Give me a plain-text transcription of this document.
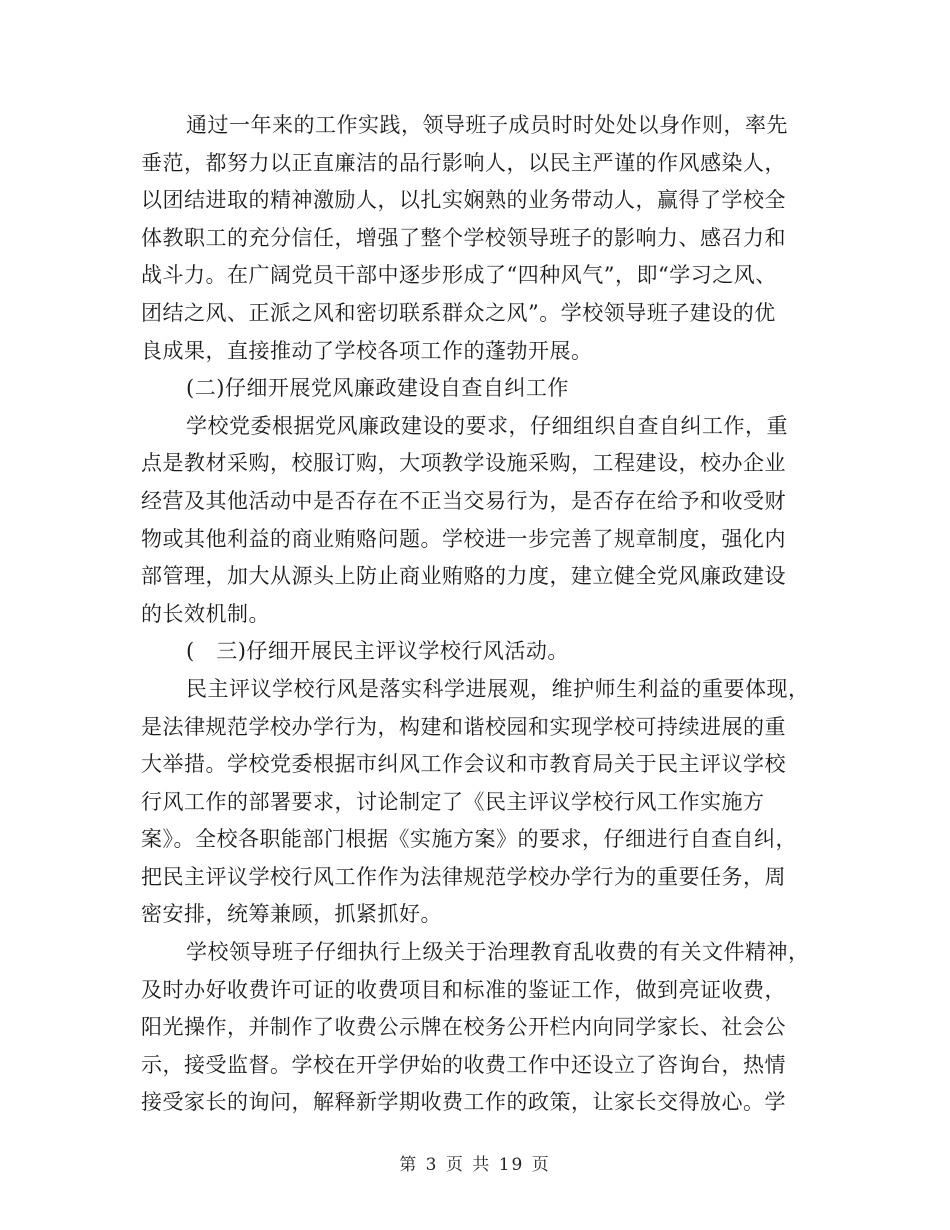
通过一年来的工作实践，领导班子成员时时处处以身作则，率先
垂范，都努力以正直廉洁的品行影响人，以民主严谨的作风感染人，
以团结进取的精神激励人，以扎实娴熟的业务带动人，赢得了学校全
体教职工的充分信任，增强了整个学校领导班子的影响力、感召力和
战斗力。在广阔党员干部中逐步形成了“四种风气”，即“学习之风、
团结之风、正派之风和密切联系群众之风”。学校领导班子建设的优
良成果，直接推动了学校各项工作的蓬勃开展。
(二)仔细开展党风廉政建设自查自纠工作
学校党委根据党风廉政建设的要求，仔细组织自查自纠工作，重
点是教材采购，校服订购，大项教学设施采购，工程建设，校办企业
经营及其他活动中是否存在不正当交易行为，是否存在给予和收受财
物或其他利益的商业贿赂问题。学校进一步完善了规章制度，强化内
部管理，加大从源头上防止商业贿赂的力度，建立健全党风廉政建设
的长效机制。
(　三)仔细开展民主评议学校行风活动。
民主评议学校行风是落实科学进展观，维护师生利益的重要体现，
是法律规范学校办学行为，构建和谐校园和实现学校可持续进展的重
大举措。学校党委根据市纠风工作会议和市教育局关于民主评议学校
行风工作的部署要求，讨论制定了《民主评议学校行风工作实施方
案》。全校各职能部门根据《实施方案》的要求，仔细进行自查自纠，
把民主评议学校行风工作作为法律规范学校办学行为的重要任务，周
密安排，统筹兼顾，抓紧抓好。
学校领导班子仔细执行上级关于治理教育乱收费的有关文件精神，
及时办好收费许可证的收费项目和标准的鉴证工作，做到亮证收费，
阳光操作，并制作了收费公示牌在校务公开栏内向同学家长、社会公
示，接受监督。学校在开学伊始的收费工作中还设立了咨询台，热情
接受家长的询问，解释新学期收费工作的政策，让家长交得放心。学
第 3 页 共 19 页
